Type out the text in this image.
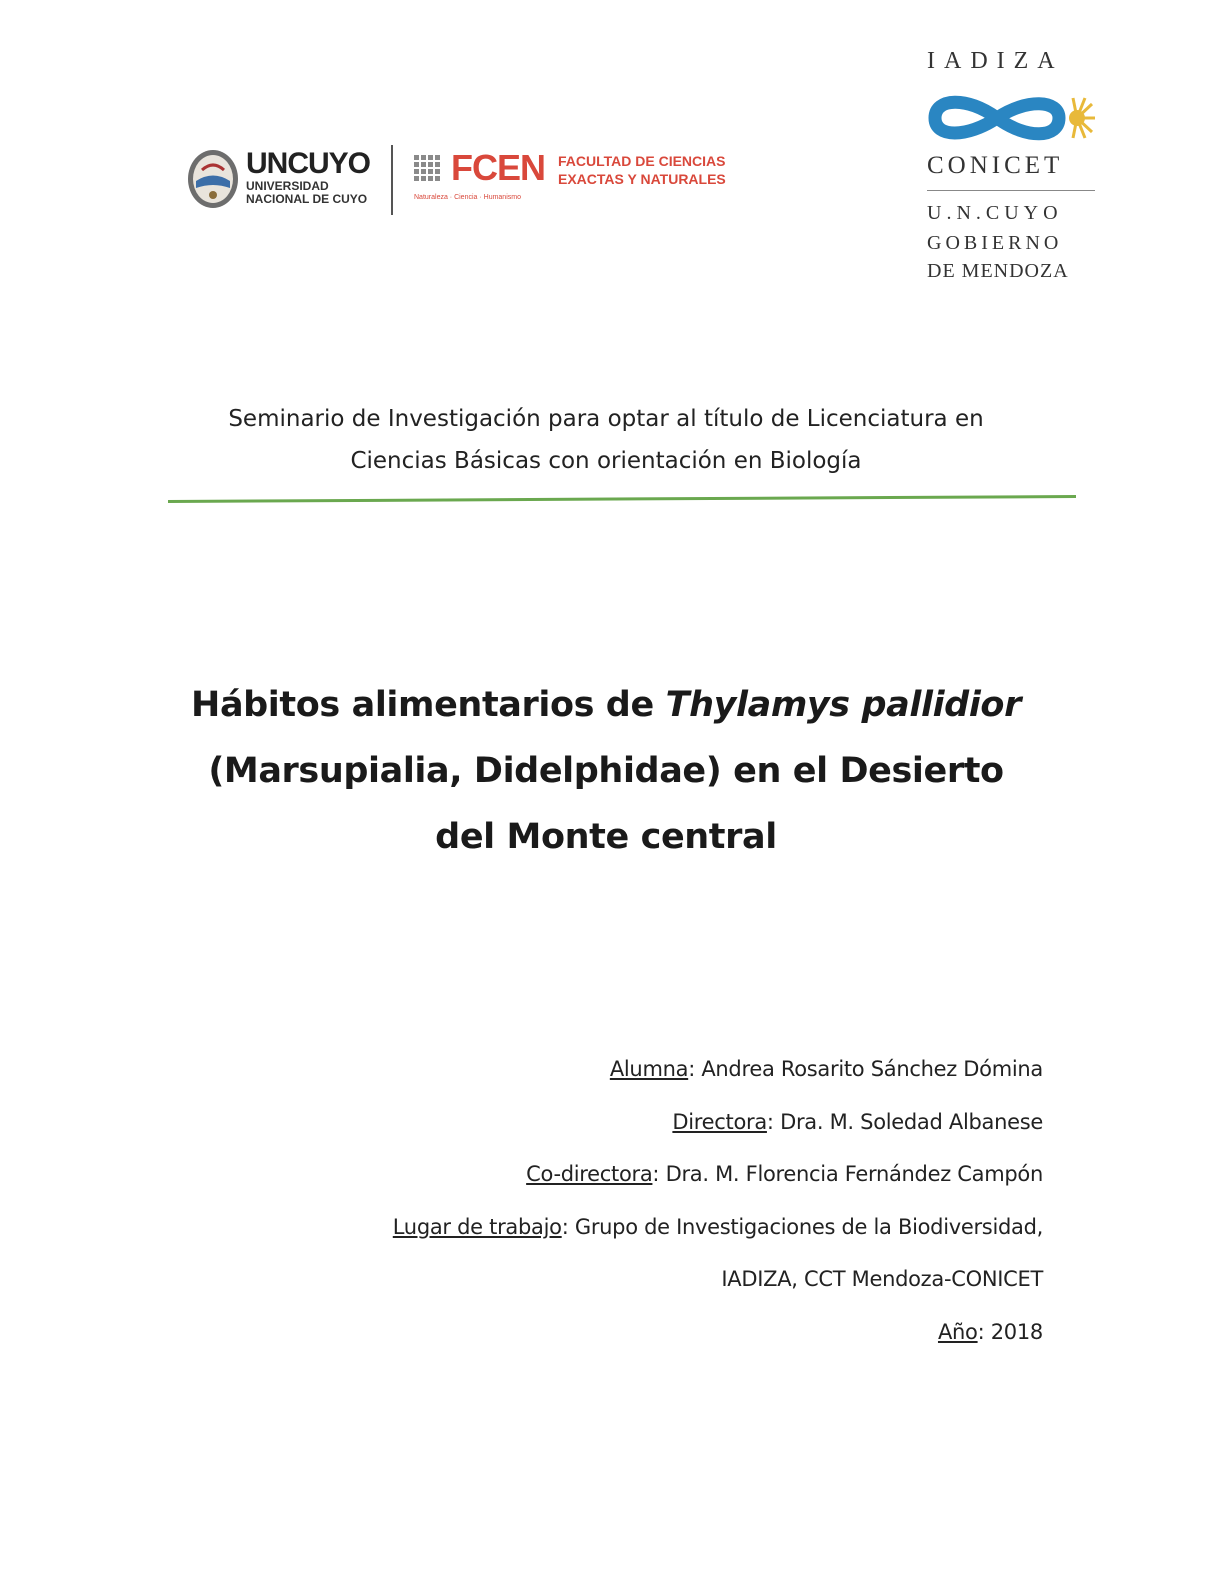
UNCUYO
UNIVERSIDAD
NACIONAL DE CUYO
FCEN FACULTAD DE CIENCIAS
EXACTAS Y NATURALES
Naturaleza · Ciencia · Humanismo
IADIZA
CONICET
U.N.CUYO
GOBIERNO
DE MENDOZA
Seminario de Investigación para optar al título de Licenciatura en
Ciencias Básicas con orientación en Biología
Hábitos alimentarios de Thylamys pallidior
(Marsupialia, Didelphidae) en el Desierto
del Monte central
Alumna: Andrea Rosarito Sánchez Dómina
Directora: Dra. M. Soledad Albanese
Co-directora: Dra. M. Florencia Fernández Campón
Lugar de trabajo: Grupo de Investigaciones de la Biodiversidad,
IADIZA, CCT Mendoza-CONICET
Año: 2018
